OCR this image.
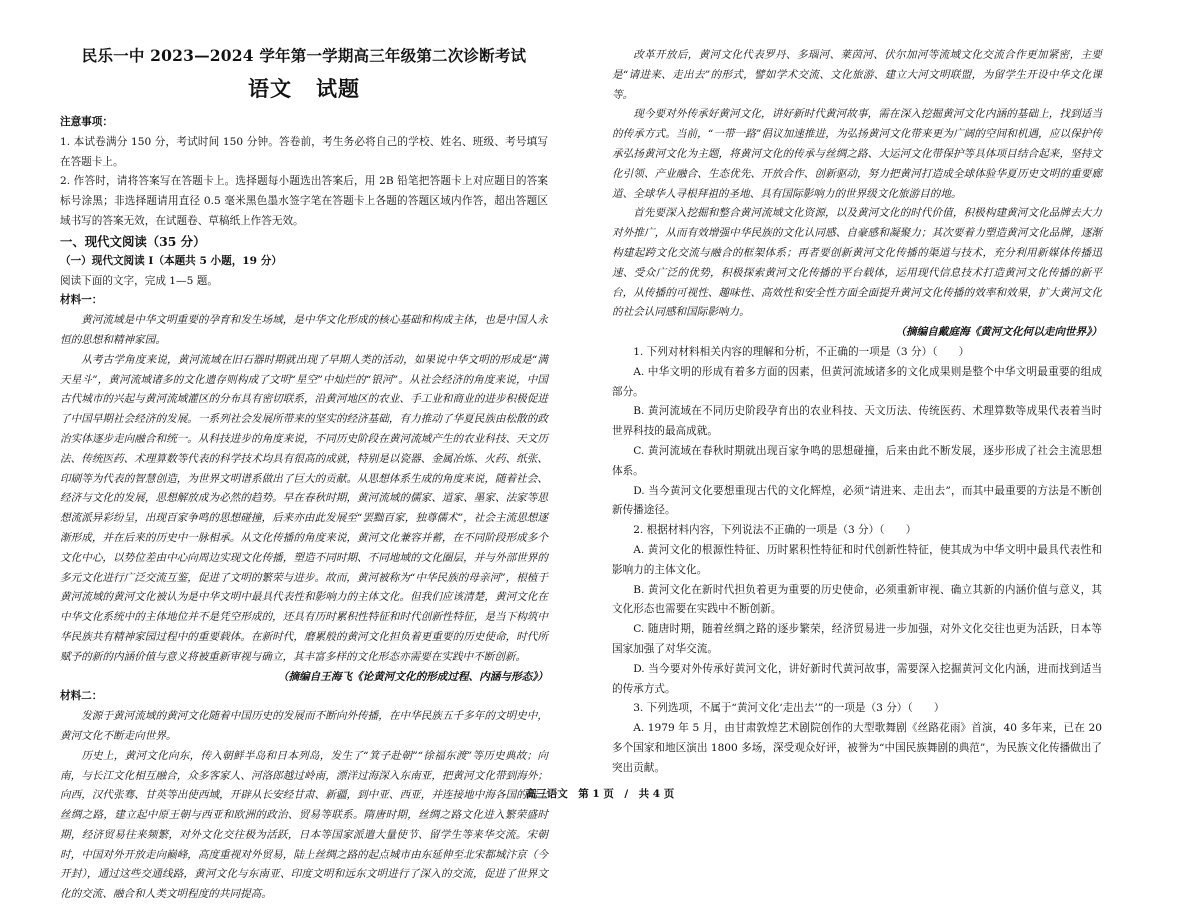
民乐一中 2023—2024 学年第一学期高三年级第二次诊断考试
语文 试题

注意事项：

1. 本试卷满分 150 分，考试时间 150 分钟。答卷前，考生务必将自己的学校、姓名、班级、考号填写在答题卡上。

2. 作答时，请将答案写在答题卡上。选择题每小题选出答案后，用 2B 铅笔把答题卡上对应题目的答案标号涂黑；非选择题请用直径 0.5 毫米黑色墨水签字笔在答题卡上各题的答题区域内作答，超出答题区域书写的答案无效，在试题卷、草稿纸上作答无效。

一、现代文阅读（35 分）

（一）现代文阅读 I（本题共 5 小题，19 分）

阅读下面的文字，完成 1—5 题。

材料一：

黄河流域是中华文明重要的孕育和发生场域，是中华文化形成的核心基础和构成主体，也是中国人永恒的思想和精神家园。

从考古学角度来说，黄河流域在旧石器时期就出现了早期人类的活动，如果说中华文明的形成是“满天星斗”，黄河流域诸多的文化遗存则构成了文明“星空”中灿烂的“银河”。从社会经济的角度来说，中国古代城市的兴起与黄河流域灌区的分布具有密切联系，沿黄河地区的农业、手工业和商业的进步积极促进了中国早期社会经济的发展。一系列社会发展所带来的坚实的经济基础，有力推动了华夏民族由松散的政治实体逐步走向融合和统一。从科技进步的角度来说，不同历史阶段在黄河流域产生的农业科技、天文历法、传统医药、术理算数等代表的科学技术均具有很高的成就，特别是以瓷器、金属冶炼、火药、纸张、印刷等为代表的智慧创造，为世界文明谱系做出了巨大的贡献。从思想体系生成的角度来说，随着社会、经济与文化的发展，思想解放成为必然的趋势。早在春秋时期，黄河流域的儒家、道家、墨家、法家等思想流派异彩纷呈，出现百家争鸣的思想碰撞，后来亦由此发展至“罢黜百家，独尊儒术”，社会主流思想逐渐形成，并在后来的历史中一脉相承。从文化传播的角度来说，黄河文化兼容并蓄，在不同阶段形成多个文化中心，以势位差由中心向周边实现文化传播，塑造不同时期、不同地域的文化圈层，并与外部世界的多元文化进行广泛交流互鉴，促进了文明的繁荣与进步。故而，黄河被称为“中华民族的母亲河”，根植于黄河流域的黄河文化被认为是中华文明中最具代表性和影响力的主体文化。但我们应该清楚，黄河文化在中华文化系统中的主体地位并不是凭空形成的，还具有历时累积性特征和时代创新性特征，是当下构筑中华民族共有精神家园过程中的重要载体。在新时代，磨累般的黄河文化担负着更重要的历史使命，时代所赋予的新的内涵价值与意义将被重新审视与确立，其丰富多样的文化形态亦需要在实践中不断创新。

（摘编自王海飞《论黄河文化的形成过程、内涵与形态》）

材料二：

发源于黄河流域的黄河文化随着中国历史的发展而不断向外传播，在中华民族五千多年的文明史中，黄河文化不断走向世界。

历史上，黄河文化向东，传入朝鲜半岛和日本列岛，发生了“箕子赴朝”“徐福东渡”等历史典故；向南，与长江文化相互融合，众多客家人、河洛郎越过岭南，漂洋过海深入东南亚，把黄河文化带到海外；向西，汉代张骞、甘英等出使西域，开辟从长安经甘肃、新疆，到中亚、西亚，并连接地中海各国的陆上丝绸之路，建立起中原王朝与西亚和欧洲的政治、贸易等联系。隋唐时期，丝绸之路文化进入繁荣盛时期，经济贸易往来频繁，对外文化交往极为活跃，日本等国家派遣大量使节、留学生等来华交流。宋朝时，中国对外开放走向巅峰，高度重视对外贸易，陆上丝绸之路的起点城市由东延伸至北宋都城汴京（今开封），通过这些交通线路，黄河文化与东南亚、印度文明和远东文明进行了深入的交流，促进了世界文化的交流、融合和人类文明程度的共同提高。

改革开放后，黄河文化代表罗丹、多瑙河、莱茵河、伏尔加河等流域文化交流合作更加紧密，主要是“请进来、走出去”的形式，譬如学术交流、文化旅游、建立大河文明联盟，为留学生开设中华文化课等。

现今要对外传承好黄河文化，讲好新时代黄河故事，需在深入挖掘黄河文化内涵的基础上，找到适当的传承方式。当前，“一带一路”倡议加速推进，为弘扬黄河文化带来更为广阔的空间和机遇，应以保护传承弘扬黄河文化为主题，将黄河文化的传承与丝绸之路、大运河文化带保护等具体项目结合起来，坚持文化引领、产业融合、生态优先、开放合作、创新驱动，努力把黄河打造成全球体验华夏历史文明的重要廊道、全球华人寻根拜祖的圣地、具有国际影响力的世界级文化旅游目的地。

首先要深入挖掘和整合黄河流域文化资源，以及黄河文化的时代价值，积极构建黄河文化品牌去大力对外推广，从而有效增强中华民族的文化认同感、自豪感和凝聚力；其次要着力塑造黄河文化品牌，逐渐构建起跨文化交流与融合的框架体系；再者要创新黄河文化传播的渠道与技术，充分利用新媒体传播迅速、受众广泛的优势，积极探索黄河文化传播的平台载体，运用现代信息技术打造黄河文化传播的新平台，从传播的可视性、趣味性、高效性和安全性方面全面提升黄河文化传播的效率和效果，扩大黄河文化的社会认同感和国际影响力。

（摘编自戴庭海《黄河文化何以走向世界》）

1. 下列对材料相关内容的理解和分析，不正确的一项是（3 分）（　　）

A. 中华文明的形成有着多方面的因素，但黄河流域诸多的文化成果则是整个中华文明最重要的组成部分。

B. 黄河流域在不同历史阶段孕育出的农业科技、天文历法、传统医药、术理算数等成果代表着当时世界科技的最高成就。

C. 黄河流域在春秋时期就出现百家争鸣的思想碰撞，后来由此不断发展，逐步形成了社会主流思想体系。

D. 当今黄河文化要想重现古代的文化辉煌，必须“请进来、走出去”，而其中最重要的方法是不断创新传播途径。

2. 根据材料内容，下列说法不正确的一项是（3 分）（　　）

A. 黄河文化的根源性特征、历时累积性特征和时代创新性特征，使其成为中华文明中最具代表性和影响力的主体文化。

B. 黄河文化在新时代担负着更为重要的历史使命，必须重新审视、确立其新的内涵价值与意义，其文化形态也需要在实践中不断创新。

C. 随唐时期，随着丝绸之路的逐步繁荣，经济贸易进一步加强，对外文化交往也更为活跃，日本等国家加强了对华交流。

D. 当今要对外传承好黄河文化，讲好新时代黄河故事，需要深入挖掘黄河文化内涵，进而找到适当的传承方式。

3. 下列选项，不属于“黄河文化‘走出去’”的一项是（3 分）（　　）

A. 1979 年 5 月，由甘肃敦煌艺术剧院创作的大型歌舞剧《丝路花雨》首演，40 多年来，已在 20 多个国家和地区演出 1800 多场，深受观众好评，被誉为“中国民族舞剧的典范”，为民族文化传播做出了突出贡献。

高三语文　第 1 页　/　共 4 页
